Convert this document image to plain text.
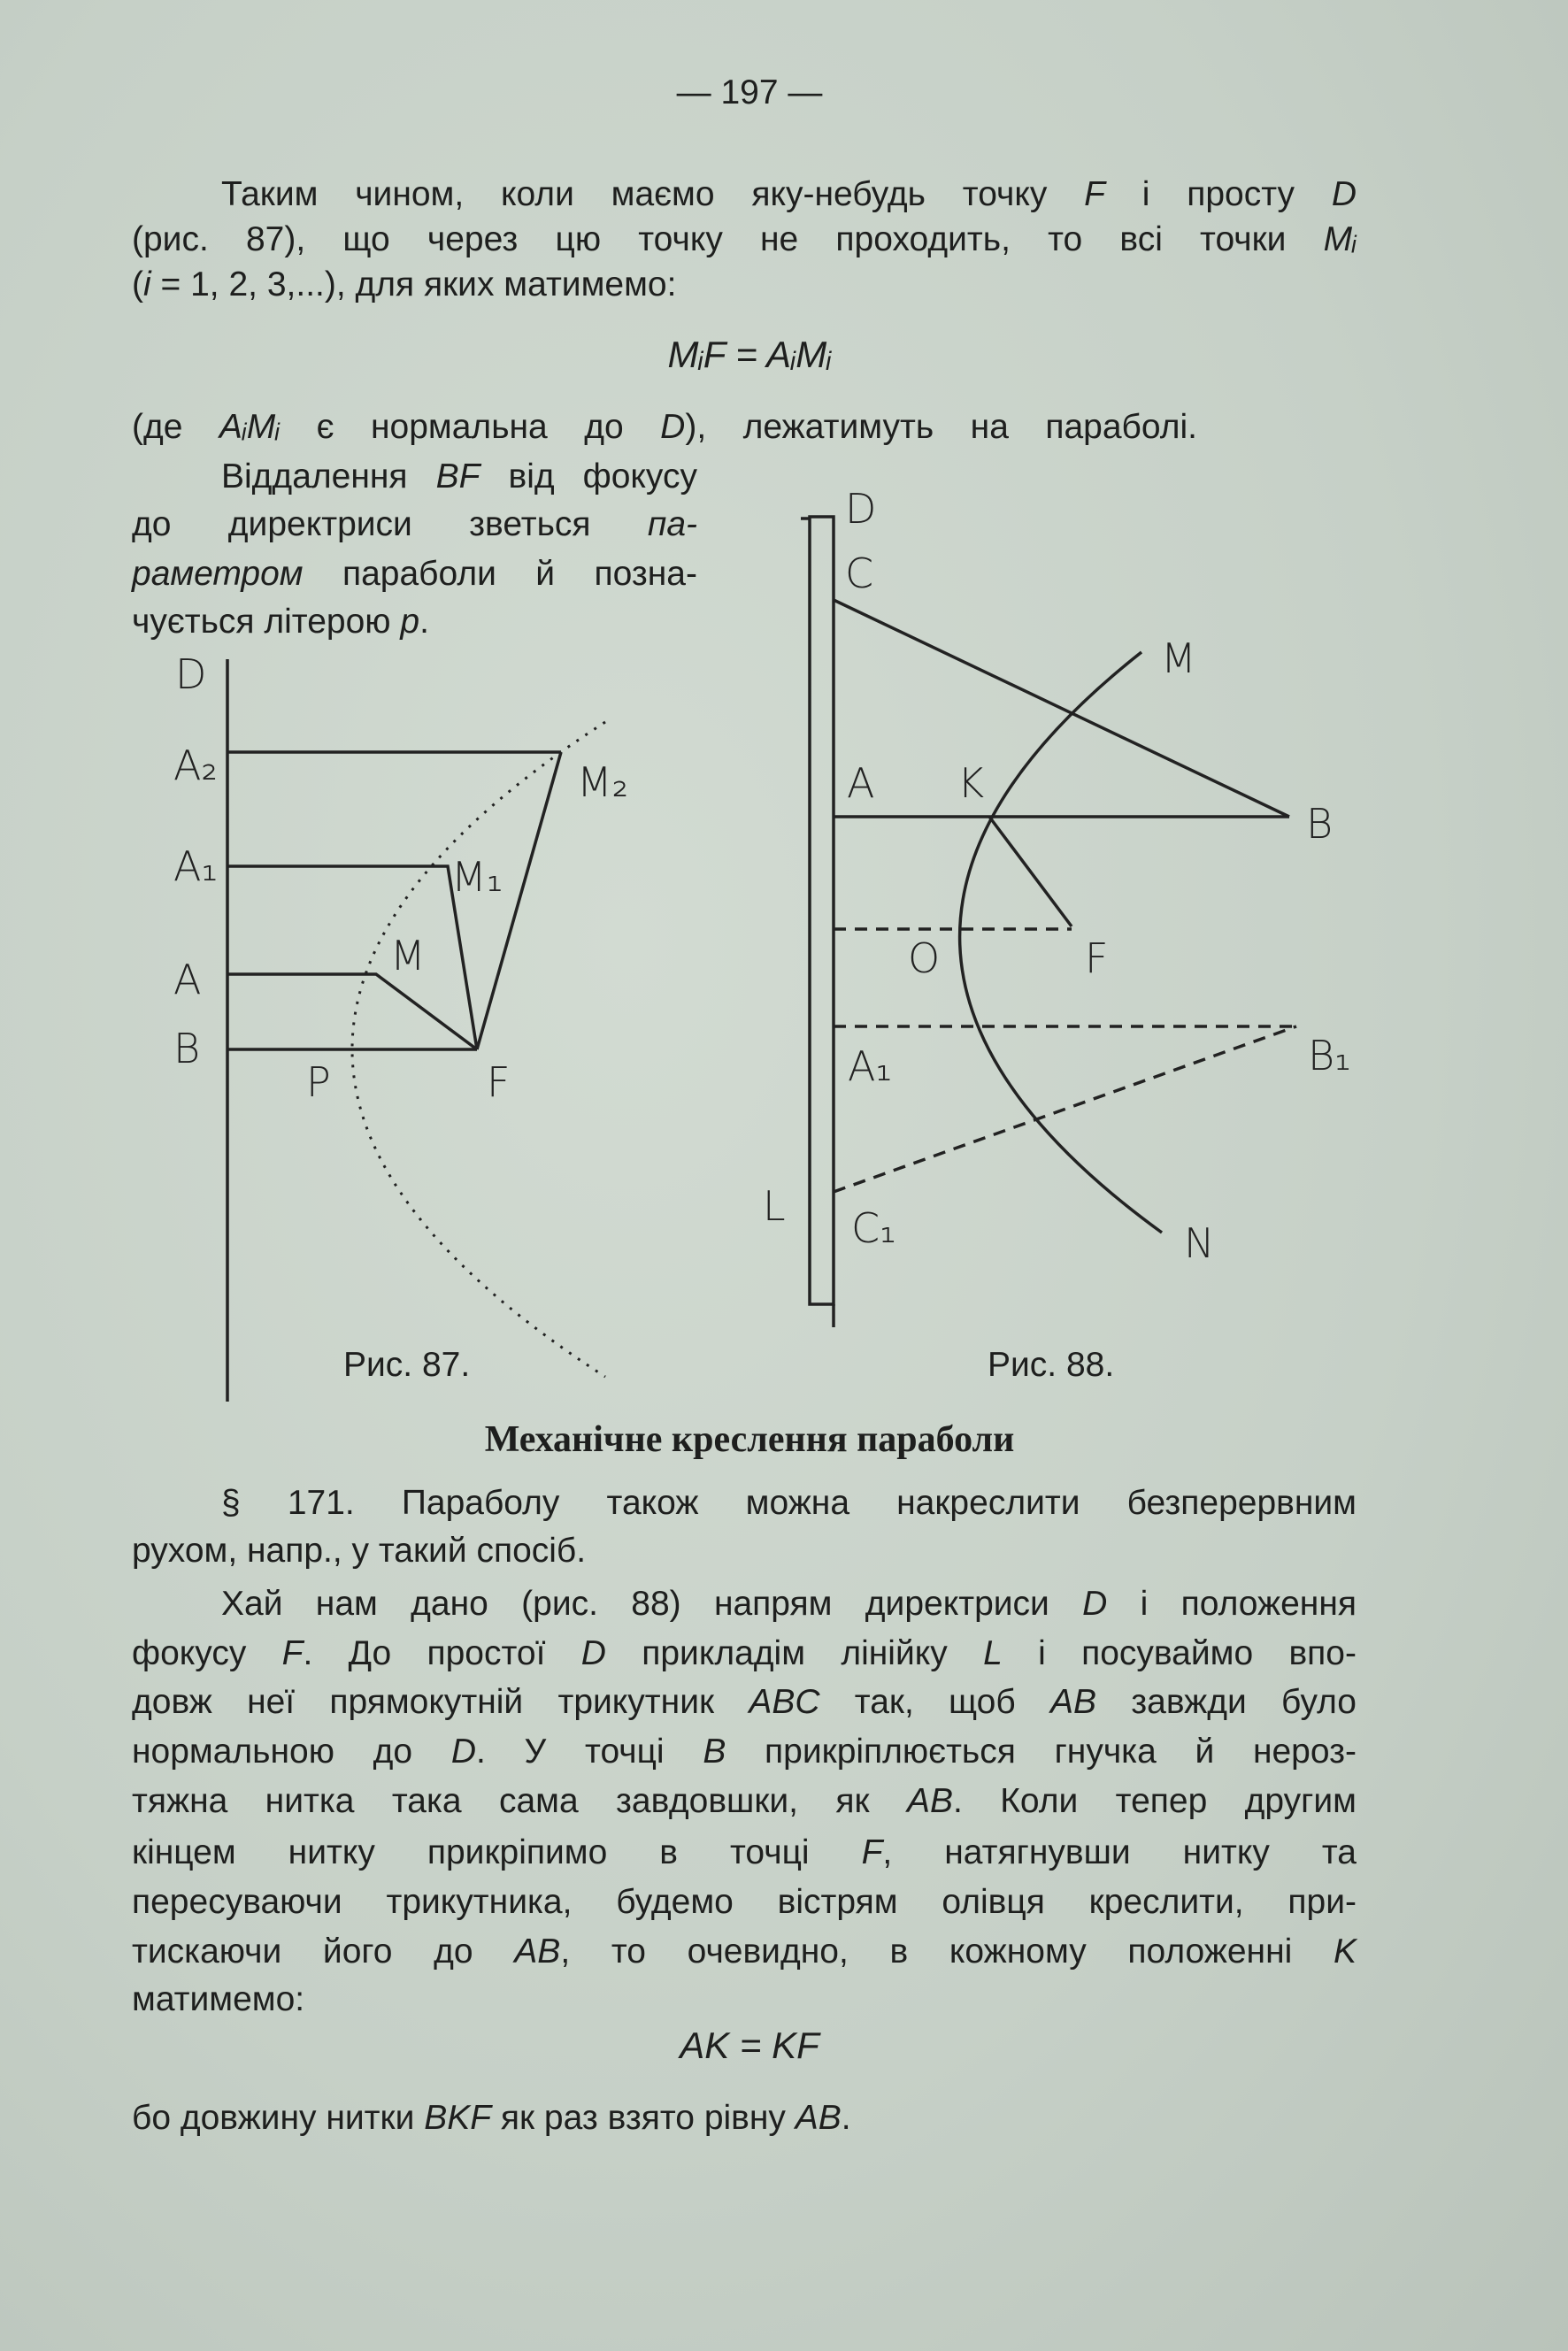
— 197 —
Таким чином, коли маємо яку-небудь точку F і просту D
(рис. 87), що через цю точку не проходить, то всі точки Mᵢ
(i = 1, 2, 3,...), для яких матимемо:
(де AᵢMᵢ є нормальна до D), лежатимуть на параболі.
Віддалення BF від фокусу
до директриси зветься па-
раметром параболи й позна-
чується літерою p.
§ 171. Параболу також можна накреслити безперервним
рухом, напр., у такий спосіб.
Хай нам дано (рис. 88) напрям директриси D і положення
фокусу F. До простої D прикладім лінійку L і посуваймо впо-
довж неї прямокутній трикутник ABC так, щоб AB завжди було
нормальною до D. У точці B прикріплюється гнучка й нероз-
тяжна нитка така сама завдовшки, як AB. Коли тепер другим
кінцем нитку прикріпимо в точці F, натягнувши нитку та
пересуваючи трикутника, будемо вістрям олівця креслити, при-
тискаючи його до AB, то очевидно, в кожному положенні K
матимемо:
бо довжину нитки BKF як раз взято рівну AB.
MᵢF = AᵢMᵢ
Механічне креслення параболи
AK = KF
D
A₂
A₁
A
B
P	F
M
M₁
M₂
Рис. 87.
D
C
A K
M
B
O	F
A₁	B₁
L C₁	N
Рис. 88.
